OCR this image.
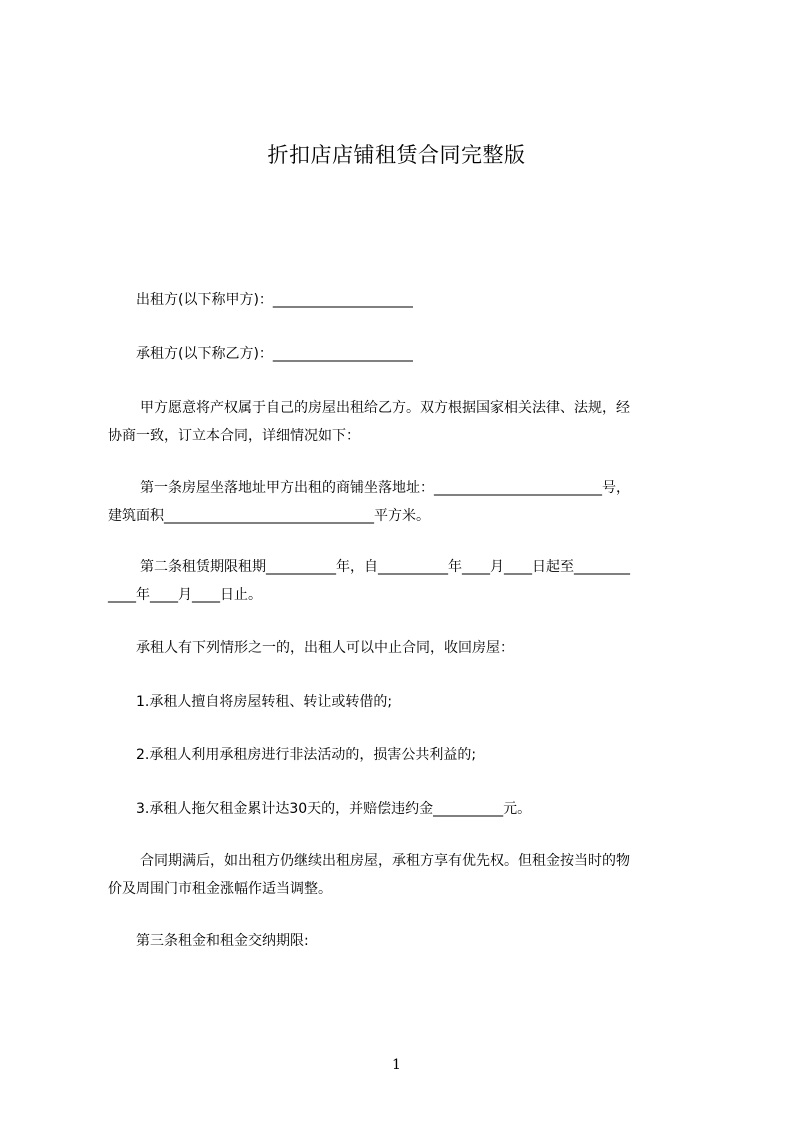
折扣店店铺租赁合同完整版
出租方(以下称甲方)：____________________
承租方(以下称乙方)：____________________
甲方愿意将产权属于自己的房屋出租给乙方。双方根据国家相关法律、法规，经
协商一致，订立本合同，详细情况如下：
第一条房屋坐落地址甲方出租的商铺坐落地址：________________________号，
建筑面积______________________________平方米。
第二条租赁期限租期__________年，自__________年____月____日起至________
____年____月____日止。
承租人有下列情形之一的，出租人可以中止合同，收回房屋：
1.承租人擅自将房屋转租、转让或转借的;
2.承租人利用承租房进行非法活动的，损害公共利益的;
3.承租人拖欠租金累计达30天的，并赔偿违约金__________元。
合同期满后，如出租方仍继续出租房屋，承租方享有优先权。但租金按当时的物
价及周围门市租金涨幅作适当调整。
第三条租金和租金交纳期限:
1
